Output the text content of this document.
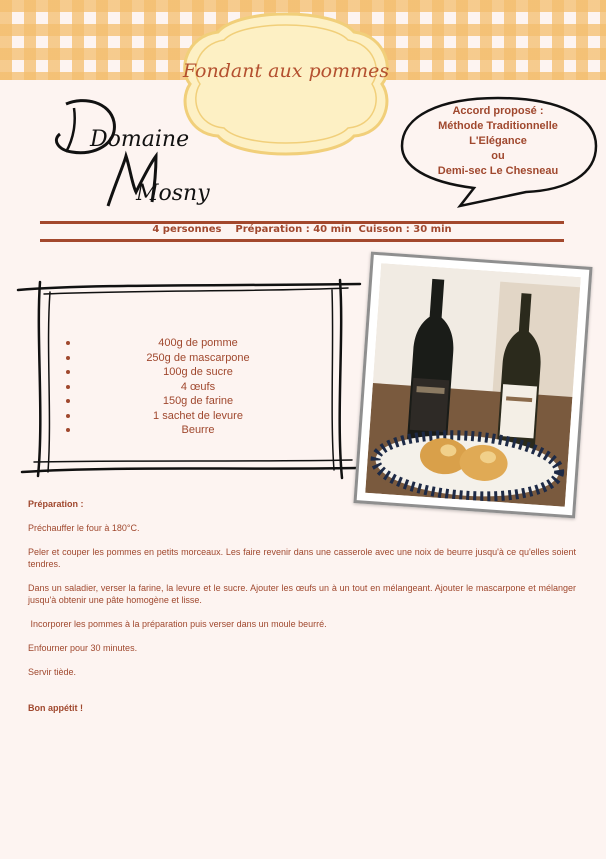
Fondant aux pommes
Domaine
Mosny
Accord proposé :
Méthode Traditionnelle
L'Elégance
ou
Demi-sec Le Chesneau
4 personnes Préparation : 40 min Cuisson : 30 min
400g de pomme
250g de mascarpone
100g de sucre
4 œufs
150g de farine
1 sachet de levure
Beurre

Préparation :

Préchauffer le four à 180°C.

Peler et couper les pommes en petits morceaux. Les faire revenir dans une casserole avec une noix de beurre jusqu'à ce qu'elles soient tendres.

Dans un saladier, verser la farine, la levure et le sucre. Ajouter les œufs un à un tout en mélangeant. Ajouter le mascarpone et mélanger jusqu'à obtenir une pâte homogène et lisse.

Incorporer les pommes à la préparation puis verser dans un moule beurré.

Enfourner pour 30 minutes.

Servir tiède.

Bon appétit !
